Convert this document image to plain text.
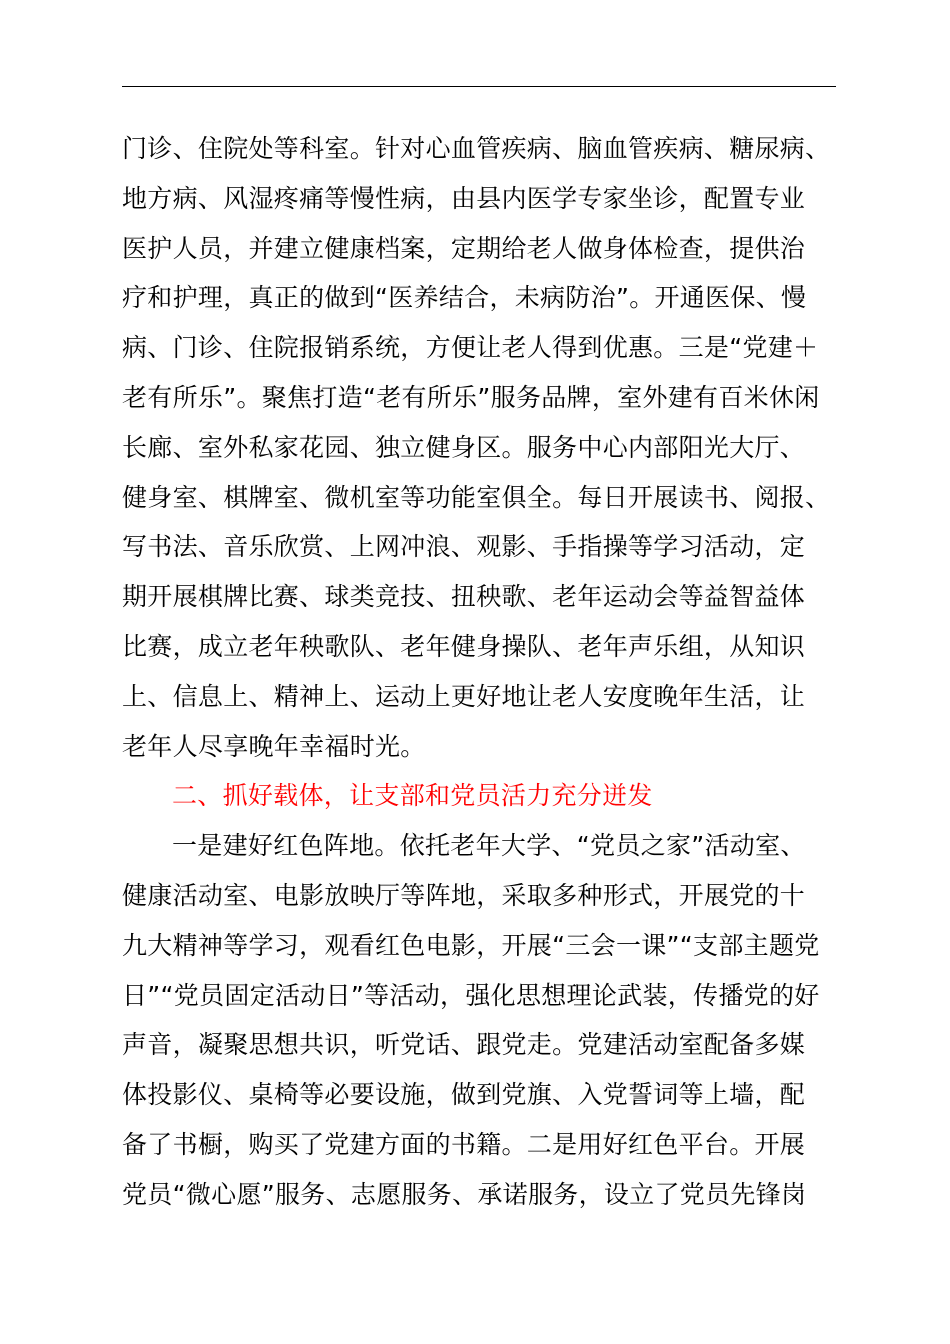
门诊、住院处等科室。针对心血管疾病、脑血管疾病、糖尿病、
地方病、风湿疼痛等慢性病，由县内医学专家坐诊，配置专业
医护人员，并建立健康档案，定期给老人做身体检查，提供治
疗和护理，真正的做到“医养结合，未病防治”。开通医保、慢
病、门诊、住院报销系统，方便让老人得到优惠。三是“党建＋
老有所乐”。聚焦打造“老有所乐”服务品牌，室外建有百米休闲
长廊、室外私家花园、独立健身区。服务中心内部阳光大厅、
健身室、棋牌室、微机室等功能室俱全。每日开展读书、阅报、
写书法、音乐欣赏、上网冲浪、观影、手指操等学习活动，定
期开展棋牌比赛、球类竞技、扭秧歌、老年运动会等益智益体
比赛，成立老年秧歌队、老年健身操队、老年声乐组，从知识
上、信息上、精神上、运动上更好地让老人安度晚年生活，让
老年人尽享晚年幸福时光。
二、抓好载体，让支部和党员活力充分迸发
一是建好红色阵地。依托老年大学、“党员之家”活动室、
健康活动室、电影放映厅等阵地，采取多种形式，开展党的十
九大精神等学习，观看红色电影，开展“三会一课”“支部主题党
日”“党员固定活动日”等活动，强化思想理论武装，传播党的好
声音，凝聚思想共识，听党话、跟党走。党建活动室配备多媒
体投影仪、桌椅等必要设施，做到党旗、入党誓词等上墙，配
备了书橱，购买了党建方面的书籍。二是用好红色平台。开展
党员“微心愿”服务、志愿服务、承诺服务，设立了党员先锋岗
